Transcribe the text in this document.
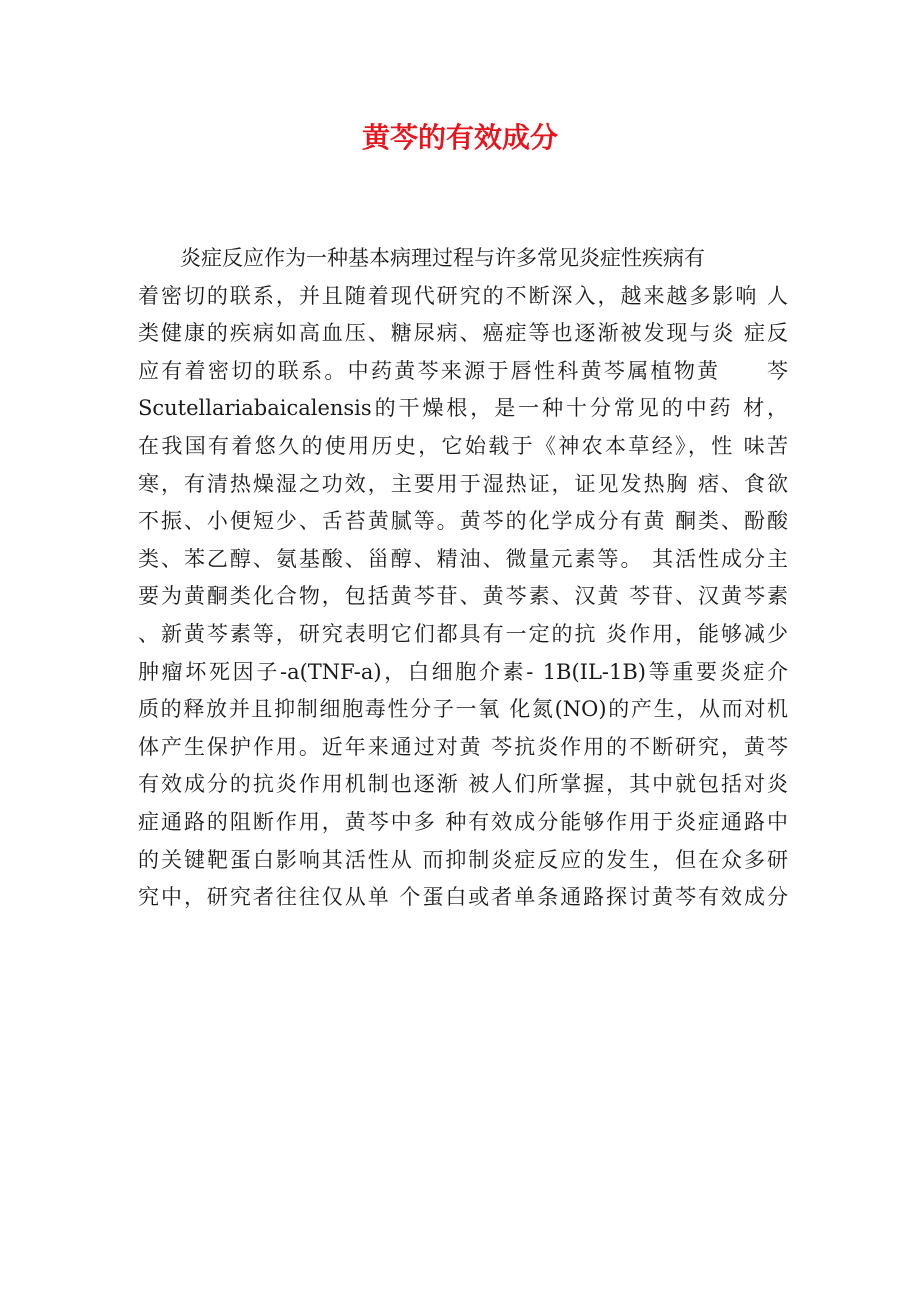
黄芩的有效成分
炎症反应作为一种基本病理过程与许多常见炎症性疾病有
着密切的联系，并且随着现代研究的不断深入，越来越多影响 人
类健康的疾病如高血压、糖尿病、癌症等也逐渐被发现与炎 症反
应有着密切的联系。中药黄芩来源于唇性科黄芩属植物黄　　芩
Scutellariabaicalensis的干燥根，是一种十分常见的中药 材，
在我国有着悠久的使用历史，它始载于《神农本草经》，性 味苦
寒，有清热燥湿之功效，主要用于湿热证，证见发热胸 痞、食欲
不振、小便短少、舌苔黄腻等。黄芩的化学成分有黄 酮类、酚酸
类、苯乙醇、氨基酸、甾醇、精油、微量元素等。 其活性成分主
要为黄酮类化合物，包括黄芩苷、黄芩素、汉黄 芩苷、汉黄芩素
、新黄芩素等，研究表明它们都具有一定的抗 炎作用，能够减少
肿瘤坏死因子-a(TNF-a)，白细胞介素- 1B(IL-1B)等重要炎症介
质的释放并且抑制细胞毒性分子一氧 化氮(NO)的产生，从而对机
体产生保护作用。近年来通过对黄 芩抗炎作用的不断研究，黄芩
有效成分的抗炎作用机制也逐渐 被人们所掌握，其中就包括对炎
症通路的阻断作用，黄芩中多 种有效成分能够作用于炎症通路中
的关键靶蛋白影响其活性从 而抑制炎症反应的发生，但在众多研
究中，研究者往往仅从单 个蛋白或者单条通路探讨黄芩有效成分
